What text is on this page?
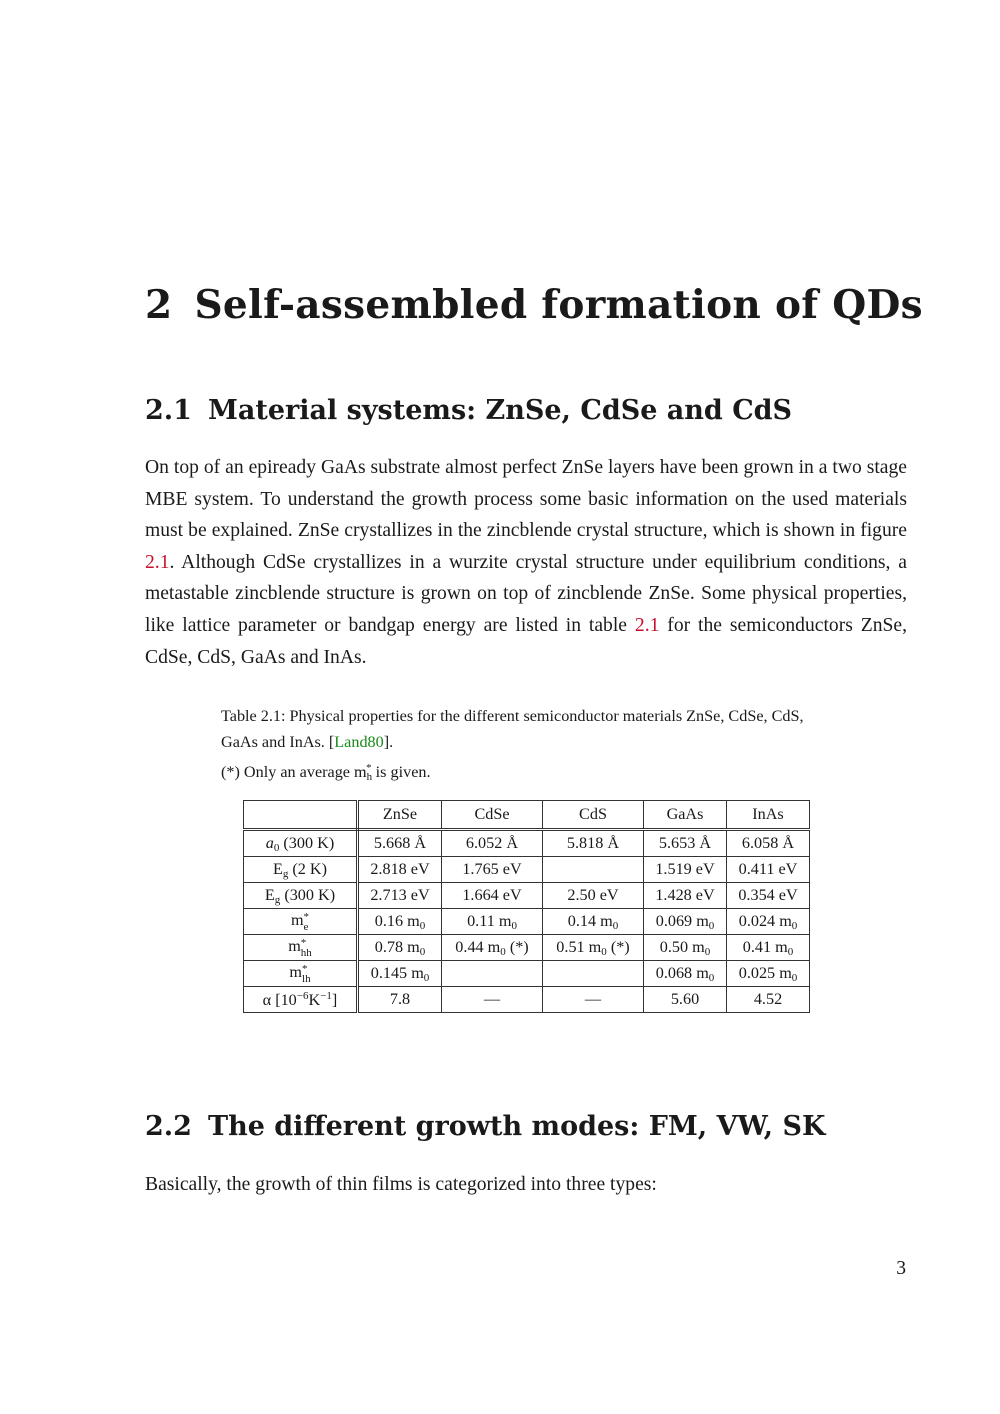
2 Self-assembled formation of QDs
2.1 Material systems: ZnSe, CdSe and CdS
On top of an epiready GaAs substrate almost perfect ZnSe layers have been grown in a two stage MBE system. To understand the growth process some basic information on the used materials must be explained. ZnSe crystallizes in the zincblende crystal structure, which is shown in figure 2.1. Although CdSe crystallizes in a wurzite crystal structure under equilibrium conditions, a metastable zincblende structure is grown on top of zincblende ZnSe. Some physical properties, like lattice parameter or bandgap energy are listed in table 2.1 for the semiconductors ZnSe, CdSe, CdS, GaAs and InAs.
Table 2.1: Physical properties for the different semiconductor materials ZnSe, CdSe, CdS, GaAs and InAs. [Land80].
(*) Only an average $m_h^*$ is given.
	ZnSe	CdSe	CdS	GaAs	InAs
$a_0$ (300 K)	5.668 Å	6.052 Å	5.818 Å	5.653 Å	6.058 Å
$E_g$ (2 K)	2.818 eV	1.765 eV		1.519 eV	0.411 eV
$E_g$ (300 K)	2.713 eV	1.664 eV	2.50 eV	1.428 eV	0.354 eV
m *
e	0.16 $m_0$	0.11 $m_0$	0.14 $m_0$	0.069 $m_0$	0.024 $m_0$
m *
hh	0.78 $m_0$	0.44 $m_0$ (*)	0.51 $m_0$ (*)	0.50 $m_0$	0.41 $m_0$
m *
lh	0.145 $m_0$			0.068 $m_0$	0.025 $m_0$
α $[10^{-6}K^{-1}]$	7.8	—	—	5.60	4.52
2.2 The different growth modes: FM, VW, SK
Basically, the growth of thin films is categorized into three types:
3
